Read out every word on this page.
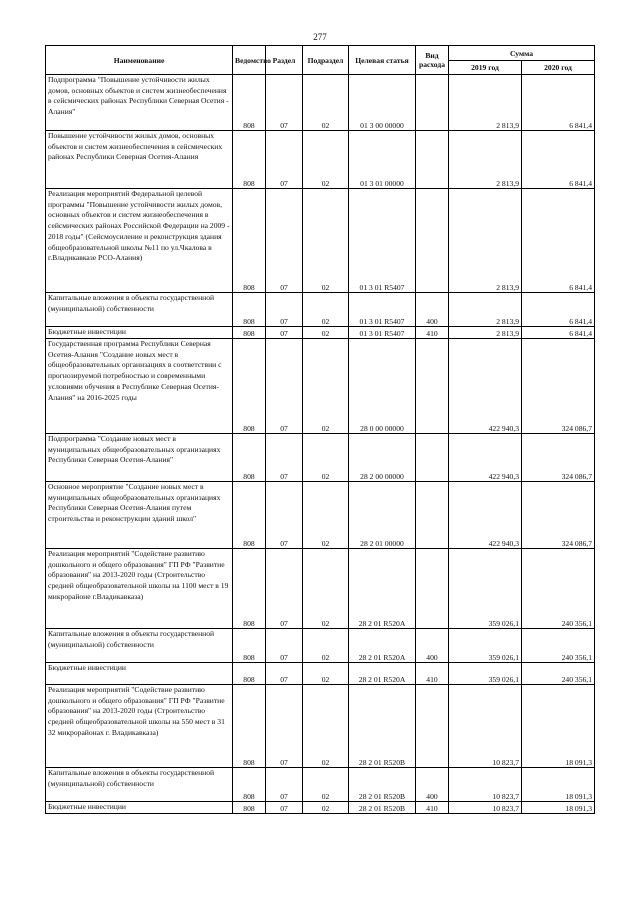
277
Наименование	Ведомство	Раздел	Подраздел	Целевая статья	Вид расхода	Сумма	
						2019 год	2020 год
Подпрограмма "Повышение устойчивости жилых домов, основных объектов и систем жизнеобеспечения в сейсмических районах Республики Северная Осетия - Алания"	808	07	02	01 3 00 00000		2 813,9	6 841,4
Повышение устойчивости жилых домов, основных объектов и систем жизнеобеспечения в сейсмических районах Республики Северная Осетия-Алания	808	07	02	01 3 01 00000		2 813,9	6 841,4
Реализация мероприятий Федеральной целевой программы "Повышение устойчивости жилых домов, основных объектов и систем жизнеобеспечения в сейсмических районах Российской Федерации на 2009 - 2018 годы" (Сейсмоусиление и реконструкция здания общеобразовательной школы №11 по ул.Чкалова в г.Владикавказе РСО-Алания)	808	07	02	01 3 01 R5407		2 813,9	6 841,4
Капитальные вложения в объекты государственной (муниципальной) собственности	808	07	02	01 3 01 R5407	400	2 813,9	6 841,4
Бюджетные инвестиции	808	07	02	01 3 01 R5407	410	2 813,9	6 841,4
Государственная программа Республики Северная Осетия-Алания "Создание новых мест в общеобразовательных организациях в соответствии с прогнозируемой потребностью и современными условиями обучения в Республике Северная Осетия-Алания" на 2016-2025 годы	808	07	02	28 0 00 00000		422 940,3	324 086,7
Подпрограмма "Создание новых мест в муниципальных общеобразовательных организациях Республики Северная Осетия-Алания"	808	07	02	28 2 00 00000		422 940,3	324 086,7
Основное мероприятие "Создание новых мест в муниципальных общеобразовательных организациях Республики Северная Осетия-Алания путем строительства и реконструкции зданий школ"	808	07	02	28 2 01 00000		422 940,3	324 086,7
Реализация мероприятий "Содействие развитию дошкольного и общего образования" ГП РФ "Развитие образования" на 2013-2020 годы (Строительство средней общеобразовательной школы на 1100 мест в 19 микрорайоне г.Владикавказа)	808	07	02	28 2 01 R520A		359 026,1	240 356,1
Капитальные вложения в объекты государственной (муниципальной) собственности	808	07	02	28 2 01 R520A	400	359 026,1	240 356,1
Бюджетные инвестиции	808	07	02	28 2 01 R520A	410	359 026,1	240 356,1
Реализация мероприятий "Содействие развитию дошкольного и общего образования" ГП РФ "Развитие образования" на 2013-2020 годы (Строительство средней общеобразовательной школы на 550 мест в 31 32 микрорайонах г. Владикавказа)	808	07	02	28 2 01 R520B		10 823,7	18 091,3
Капитальные вложения в объекты государственной (муниципальной) собственности	808	07	02	28 2 01 R520B	400	10 823,7	18 091,3
Бюджетные инвестиции	808	07	02	28 2 01 R520B	410	10 823,7	18 091,3
